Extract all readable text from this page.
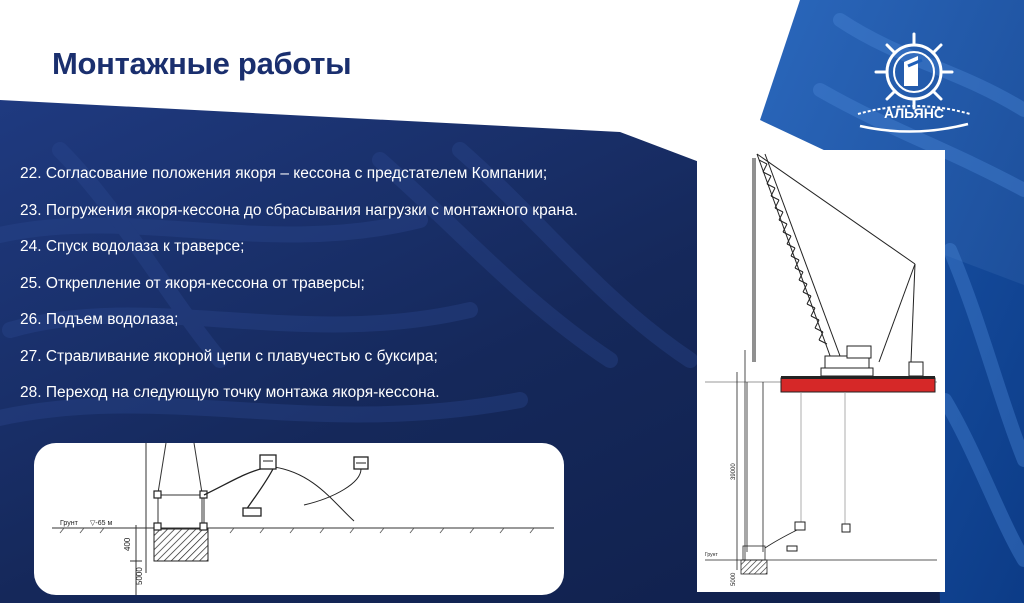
Монтажные работы
АЛЬЯНС
22. Согласование положения якоря – кессона с предстателем Компании;
23. Погружения якоря-кессона до сбрасывания нагрузки с монтажного крана.
24. Спуск водолаза к траверсе;
25. Открепление от якоря-кессона от траверсы;
26. Подъем водолаза;
27. Стравливание якорной цепи с плавучестью с буксира;
28. Переход на следующую точку монтажа якоря-кессона.
Грунт ▽-65 м
400
5000
39000
Грунт
5000
